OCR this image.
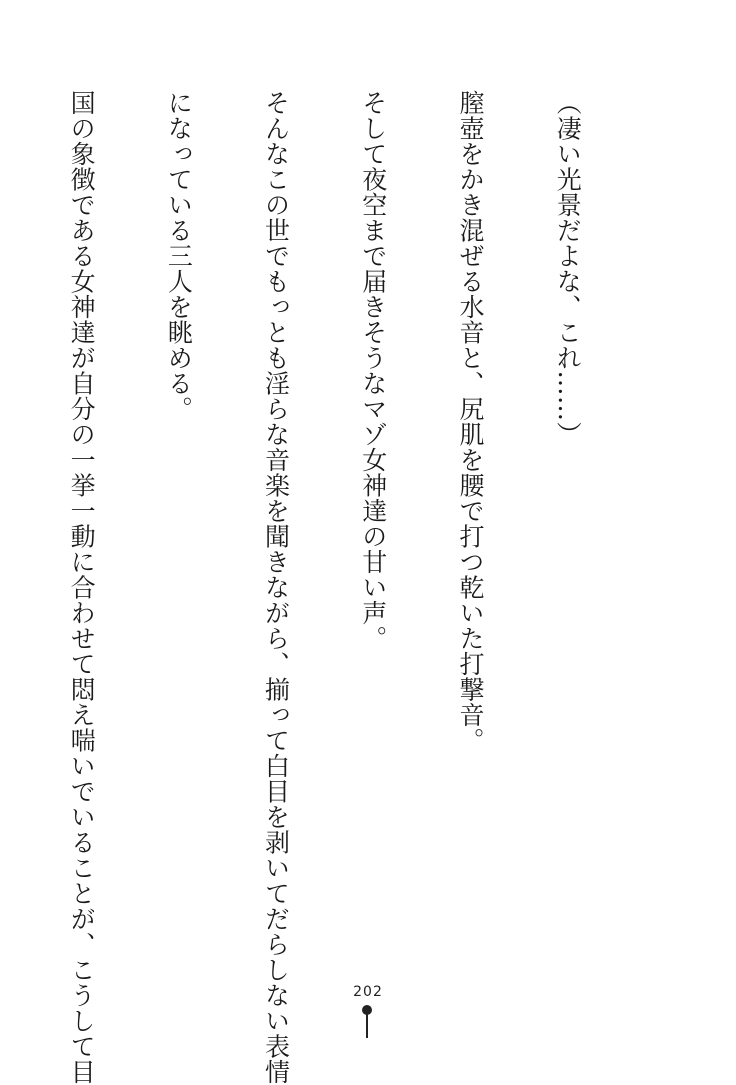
（凄い光景だよな、これ……）

膣壺をかき混ぜる水音と、尻肌を腰で打つ乾いた打撃音。

そして夜空まで届きそうなマゾ女神達の甘い声。

そんなこの世でもっとも淫らな音楽を聞きながら、揃って白目を剥いてだらしない表情

になっている三人を眺める。

国の象徴である女神達が自分の一挙一動に合わせて悶え喘いでいることが、こうして目

	202
